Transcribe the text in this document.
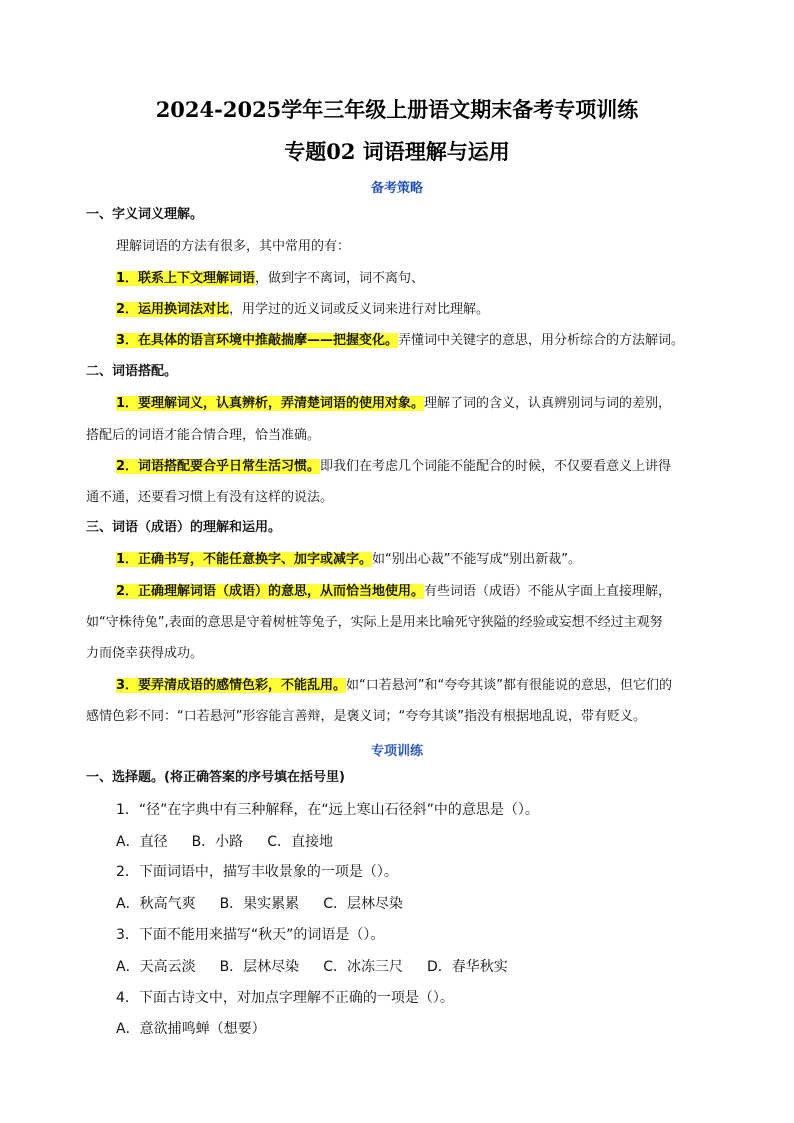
2024-2025学年三年级上册语文期末备考专项训练
专题02 词语理解与运用
备考策略
一、字义词义理解。
理解词语的方法有很多，其中常用的有：
1．联系上下文理解词语，做到字不离词，词不离句、
2．运用换词法对比，用学过的近义词或反义词来进行对比理解。
3．在具体的语言环境中推敲揣摩——把握变化。弄懂词中关键字的意思，用分析综合的方法解词。
二、词语搭配。
1．要理解词义，认真辨析，弄清楚词语的使用对象。理解了词的含义，认真辨别词与词的差别，
搭配后的词语才能合情合理，恰当准确。
2．词语搭配要合乎日常生活习惯。即我们在考虑几个词能不能配合的时候，不仅要看意义上讲得
通不通，还要看习惯上有没有这样的说法。
三、词语（成语）的理解和运用。
1．正确书写，不能任意换字、加字或减字。如“别出心裁”不能写成“别出新裁”。
2．正确理解词语（成语）的意思，从而恰当地使用。有些词语（成语）不能从字面上直接理解，
如“守株待兔”,表面的意思是守着树桩等兔子，实际上是用来比喻死守狭隘的经验或妄想不经过主观努
力而侥幸获得成功。
3．要弄清成语的感情色彩，不能乱用。如“口若悬河”和“夸夸其谈”都有很能说的意思，但它们的
感情色彩不同：“口若悬河”形容能言善辩，是褒义词；“夸夸其谈”指没有根据地乱说，带有贬义。
专项训练
一、选择题。(将正确答案的序号填在括号里)
1．“径”在字典中有三种解释，在“远上寒山石径斜”中的意思是（）。
A．直径 B．小路 C．直接地
2．下面词语中，描写丰收景象的一项是（）。
A．秋高气爽 B．果实累累 C．层林尽染
3．下面不能用来描写“秋天”的词语是（）。
A．天高云淡 B．层林尽染 C．冰冻三尺 D．春华秋实
4．下面古诗文中，对加点字理解不正确的一项是（）。
A．意欲捕鸣蝉（想要）
